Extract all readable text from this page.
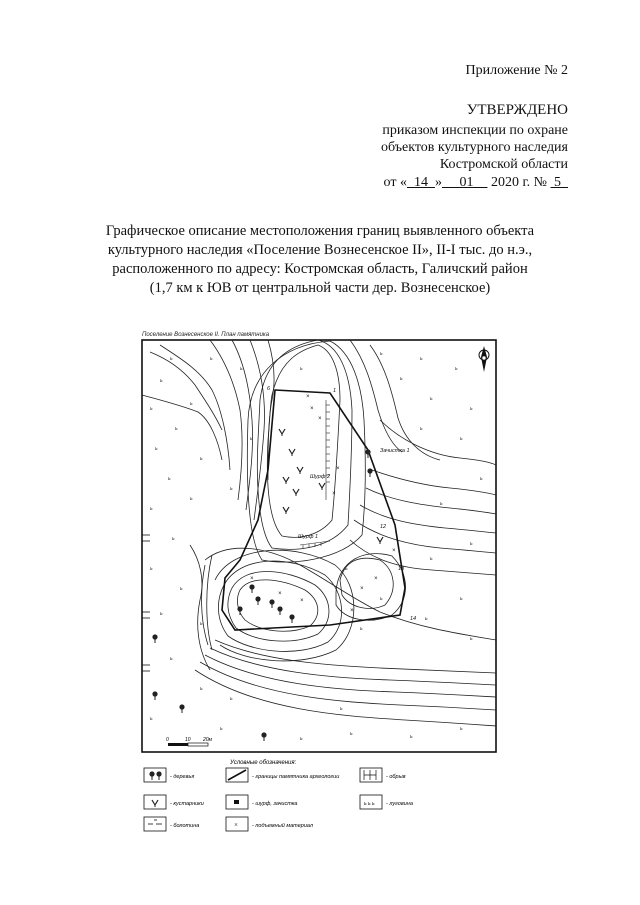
Приложение № 2
УТВЕРЖДЕНО
приказом инспекции по охране
объектов культурного наследия
Костромской области
от « 14 » 01 2020 г. № 5
Графическое описание местоположения границ выявленного объекта
культурного наследия «Поселение Вознесенское II», II-I тыс. до н.э.,
расположенного по адресу: Костромская область, Галичский район
(1,7 км к ЮВ от центральной части дер. Вознесенское)
Поселение Вознесенское II. План памятника
ь	ь
ь
ь
ь
ь
ь
ь
ь
ь
ь
ь
ь
ь
ь
ь
ь
ь
ь
ь
ь
ь	ь
ь
ь
ь
ь
ь
ь
ь
ь
ь
ь
ь
ь
ь
ь
ь
ь
ь
ь
ь
ь
ь
ь
ь
ь
ь
×
×
×
×
×
×
×
×
×
×
×
×
6	1
12
13
14
Шурф 1
Шурф 2
Зачистка 1
0	10 20м
Условные обозначения:
- деревья
- кустарники
- болотина
- границы памятника археологии
- шурф, зачистка
×	- подъемный материал
- обрыв
ь ь ь - луговина
